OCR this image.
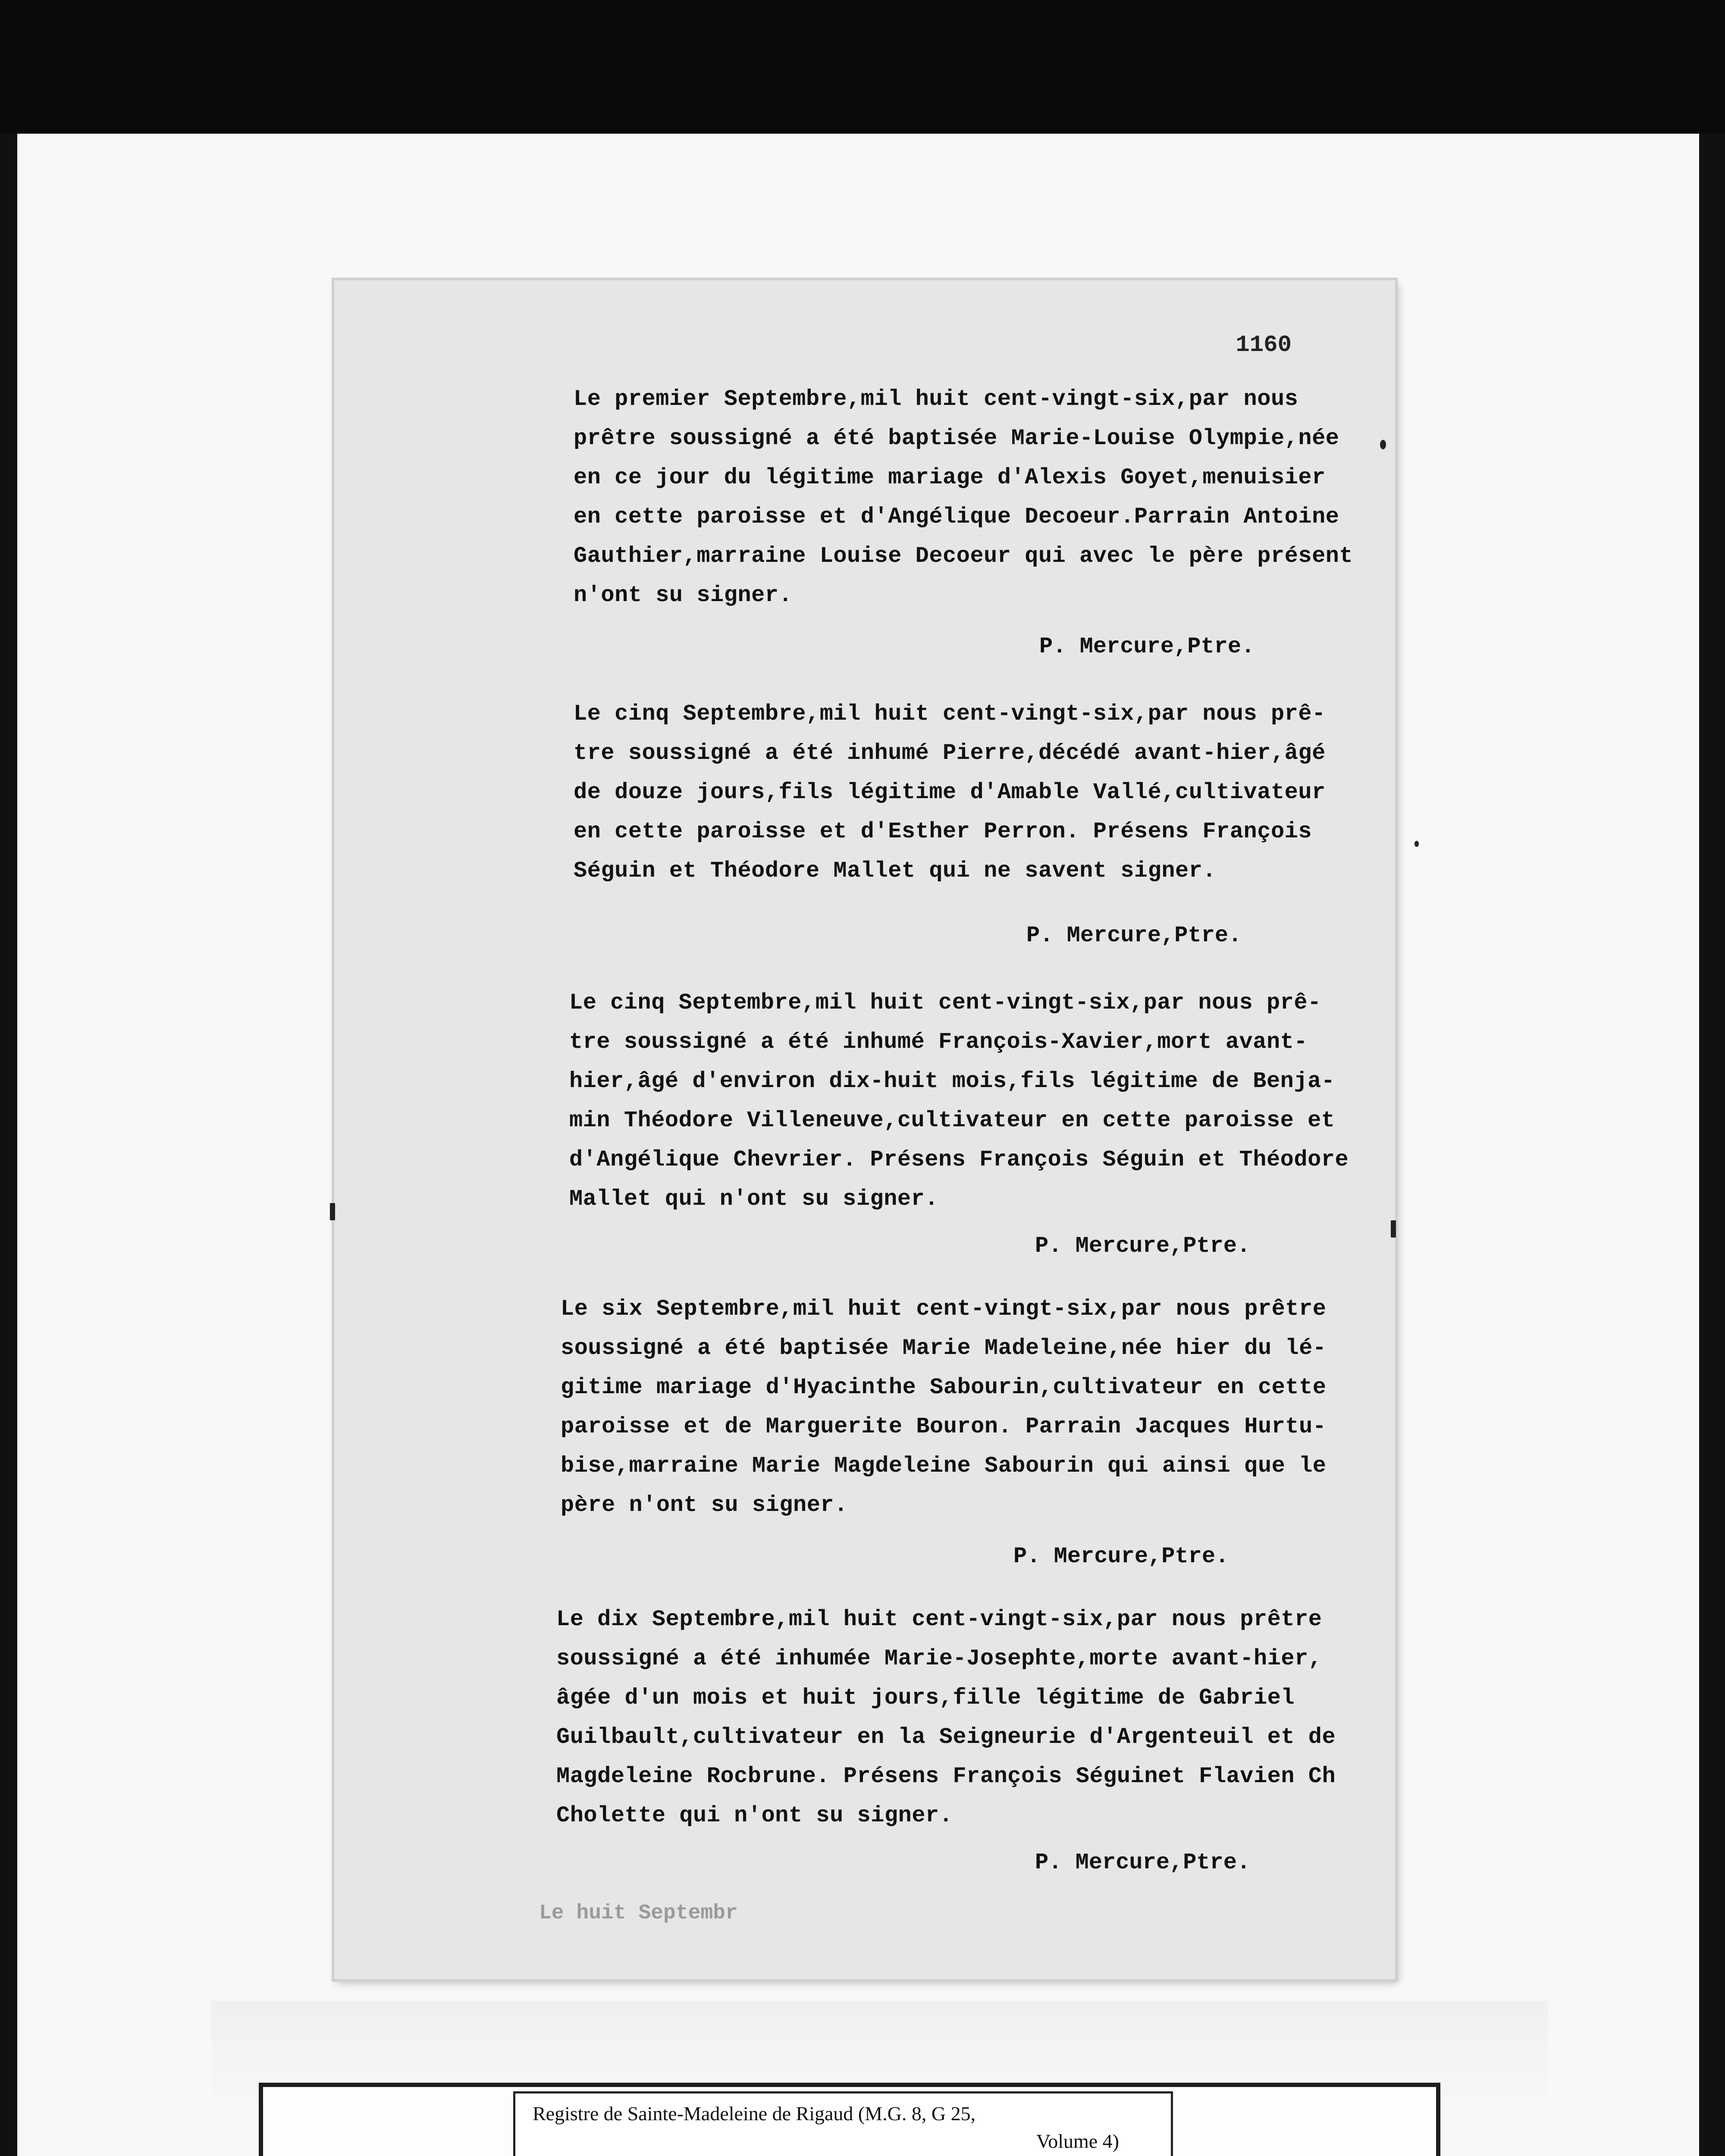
1160
Le premier Septembre,mil huit cent-vingt-six,par nous
prêtre soussigné a été baptisée Marie-Louise Olympie,née
en ce jour du légitime mariage d'Alexis Goyet,menuisier
en cette paroisse et d'Angélique Decoeur.Parrain Antoine
Gauthier,marraine Louise Decoeur qui avec le père présent
n'ont su signer.
P. Mercure,Ptre.
Le cinq Septembre,mil huit cent-vingt-six,par nous prê-
tre soussigné a été inhumé Pierre,décédé avant-hier,âgé
de douze jours,fils légitime d'Amable Vallé,cultivateur
en cette paroisse et d'Esther Perron. Présens François
Séguin et Théodore Mallet qui ne savent signer.
P. Mercure,Ptre.
Le cinq Septembre,mil huit cent-vingt-six,par nous prê-
tre soussigné a été inhumé François-Xavier,mort avant-
hier,âgé d'environ dix-huit mois,fils légitime de Benja-
min Théodore Villeneuve,cultivateur en cette paroisse et
d'Angélique Chevrier. Présens François Séguin et Théodore
Mallet qui n'ont su signer.
P. Mercure,Ptre.
Le six Septembre,mil huit cent-vingt-six,par nous prêtre
soussigné a été baptisée Marie Madeleine,née hier du lé-
gitime mariage d'Hyacinthe Sabourin,cultivateur en cette
paroisse et de Marguerite Bouron. Parrain Jacques Hurtu-
bise,marraine Marie Magdeleine Sabourin qui ainsi que le
père n'ont su signer.
P. Mercure,Ptre.
Le dix Septembre,mil huit cent-vingt-six,par nous prêtre
soussigné a été inhumée Marie-Josephte,morte avant-hier,
âgée d'un mois et huit jours,fille légitime de Gabriel
Guilbault,cultivateur en la Seigneurie d'Argenteuil et de
Magdeleine Rocbrune. Présens François Séguinet Flavien Ch
Cholette qui n'ont su signer.
P. Mercure,Ptre.
Le huit Septembr
Registre de Sainte-Madeleine de Rigaud (M.G. 8, G 25,
Volume 4)
